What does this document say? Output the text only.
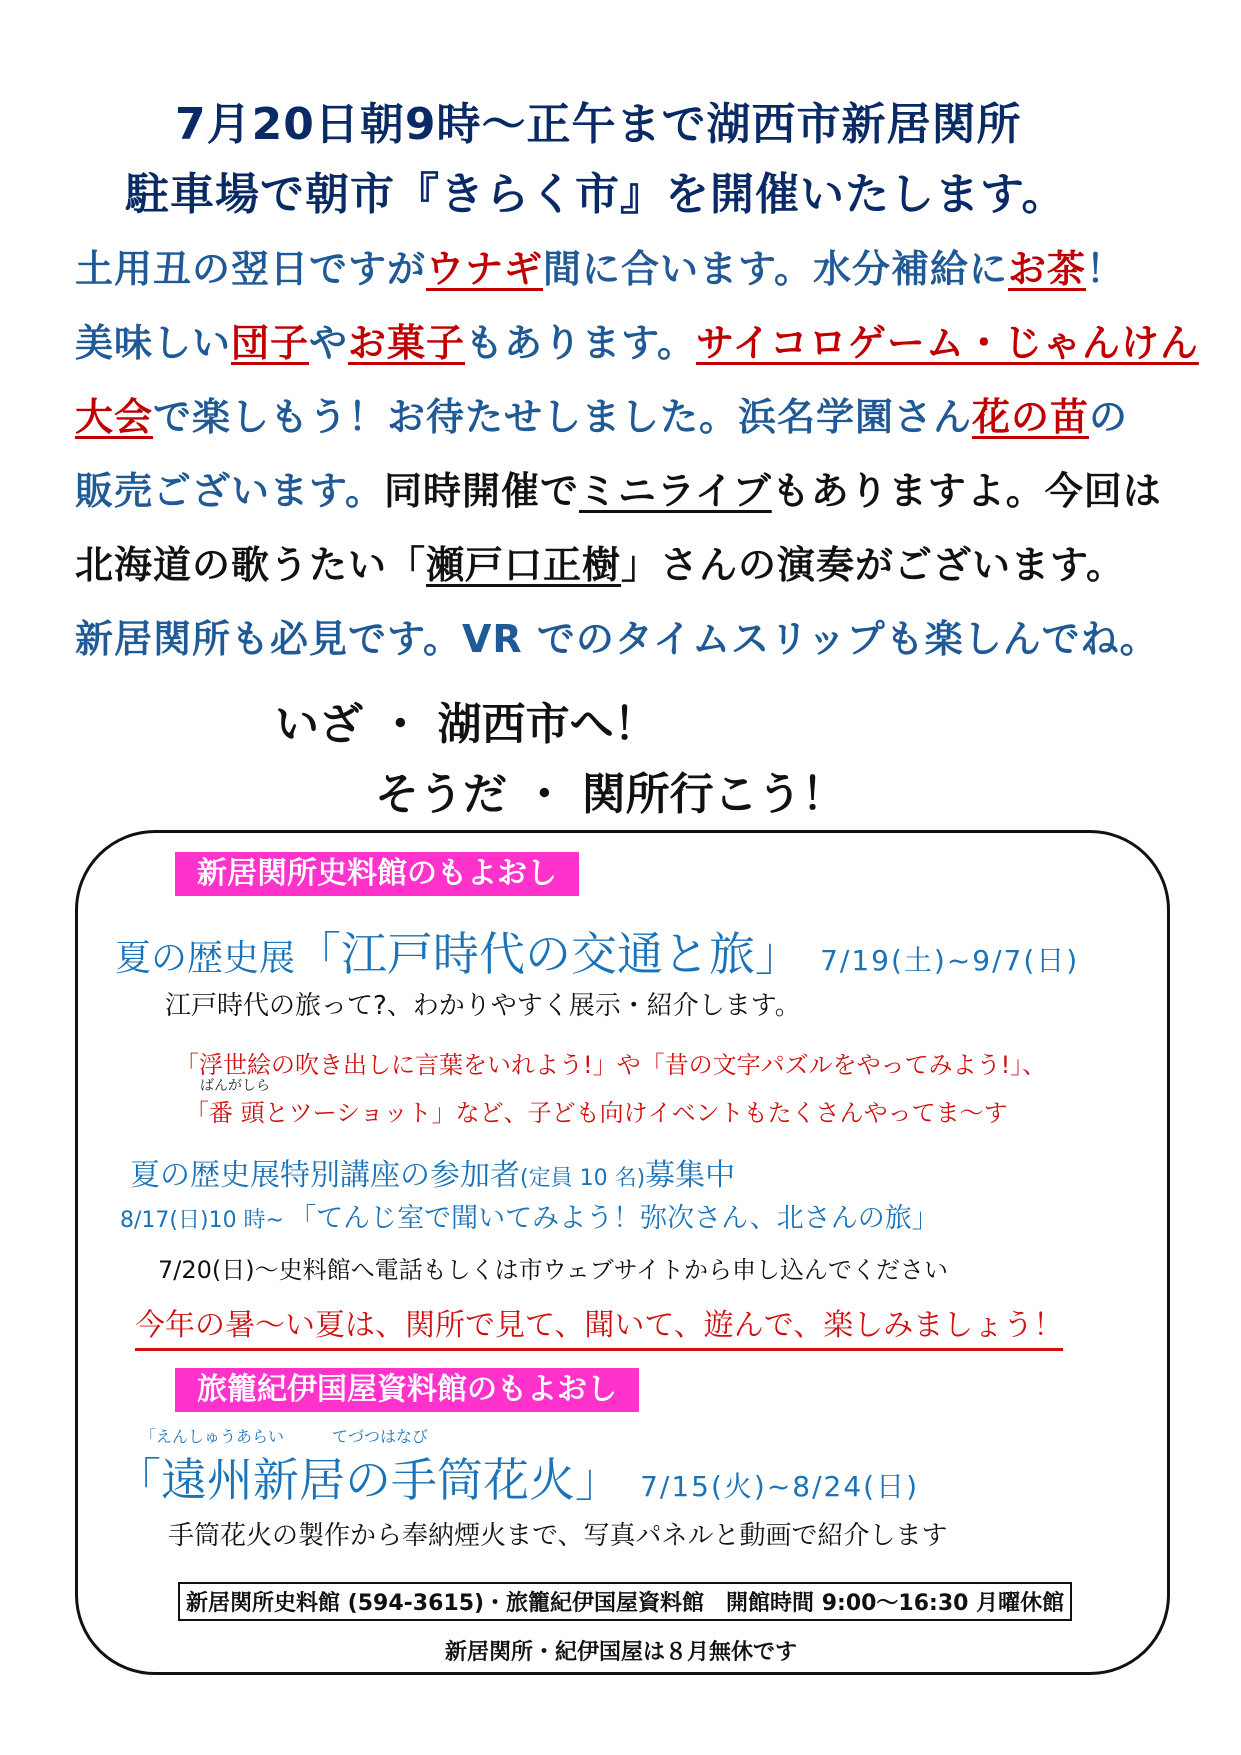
7月20日朝9時～正午まで湖西市新居関所
駐車場で朝市『きらく市』を開催いたします。
土用丑の翌日ですがウナギ間に合います。水分補給にお茶！
美味しい団子やお菓子もあります。サイコロゲーム・じゃんけん
大会で楽しもう！お待たせしました。浜名学園さん花の苗の
販売ございます。同時開催でミニライブもありますよ。今回は
北海道の歌うたい「瀬戸口正樹」さんの演奏がございます。
新居関所も必見です。VR でのタイムスリップも楽しんでね。
いざ ・ 湖西市へ！
そうだ ・ 関所行こう！
新居関所史料館のもよおし
夏の歴史展「江戸時代の交通と旅」 7/19(土)~9/7(日)
江戸時代の旅って?、わかりやすく展示・紹介します。
「浮世絵の吹き出しに言葉をいれよう!」や「昔の文字パズルをやってみよう!」、
ばんがしら
「番 頭とツーショット」など、子ども向けイベントもたくさんやってま～す
夏の歴史展特別講座の参加者(定員 10 名)募集中
8/17(日)10 時~ 「てんじ室で聞いてみよう！弥次さん、北さんの旅」
7/20(日)～史料館へ電話もしくは市ウェブサイトから申し込んでください
今年の暑～い夏は、関所で見て、聞いて、遊んで、楽しみましょう！
旅籠紀伊国屋資料館のもよおし
「えんしゅうあらい　　　てづつはなび
「遠州新居の手筒花火」 7/15(火)~8/24(日)
手筒花火の製作から奉納煙火まで、写真パネルと動画で紹介します
新居関所史料館 (594-3615)・旅籠紀伊国屋資料館　開館時間 9:00～16:30 月曜休館
新居関所・紀伊国屋は８月無休です
